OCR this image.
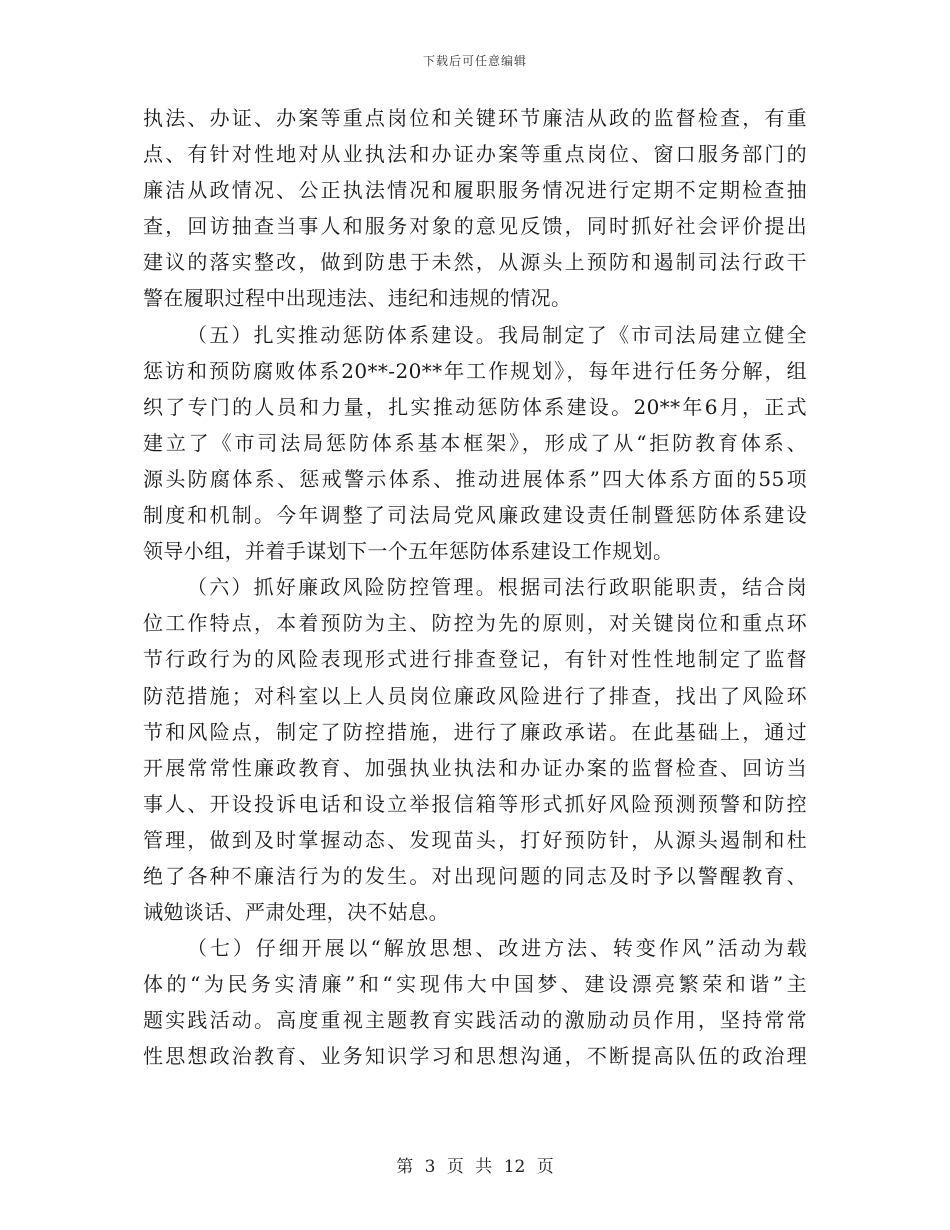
下载后可任意编辑
执法、办证、办案等重点岗位和关键环节廉洁从政的监督检查，有重
点、有针对性地对从业执法和办证办案等重点岗位、窗口服务部门的
廉洁从政情况、公正执法情况和履职服务情况进行定期不定期检查抽
查，回访抽查当事人和服务对象的意见反馈，同时抓好社会评价提出
建议的落实整改，做到防患于未然，从源头上预防和遏制司法行政干
警在履职过程中出现违法、违纪和违规的情况。
（五）扎实推动惩防体系建设。我局制定了《市司法局建立健全
惩访和预防腐败体系20**-20**年工作规划》，每年进行任务分解，组
织了专门的人员和力量，扎实推动惩防体系建设。20**年6月，正式
建立了《市司法局惩防体系基本框架》，形成了从“拒防教育体系、
源头防腐体系、惩戒警示体系、推动进展体系”四大体系方面的55项
制度和机制。今年调整了司法局党风廉政建设责任制暨惩防体系建设
领导小组，并着手谋划下一个五年惩防体系建设工作规划。
（六）抓好廉政风险防控管理。根据司法行政职能职责，结合岗
位工作特点，本着预防为主、防控为先的原则，对关键岗位和重点环
节行政行为的风险表现形式进行排查登记，有针对性性地制定了监督
防范措施；对科室以上人员岗位廉政风险进行了排查，找出了风险环
节和风险点，制定了防控措施，进行了廉政承诺。在此基础上，通过
开展常常性廉政教育、加强执业执法和办证办案的监督检查、回访当
事人、开设投诉电话和设立举报信箱等形式抓好风险预测预警和防控
管理，做到及时掌握动态、发现苗头，打好预防针，从源头遏制和杜
绝了各种不廉洁行为的发生。对出现问题的同志及时予以警醒教育、
诫勉谈话、严肃处理，决不姑息。
（七）仔细开展以“解放思想、改进方法、转变作风”活动为载
体的“为民务实清廉”和“实现伟大中国梦、建设漂亮繁荣和谐”主
题实践活动。高度重视主题教育实践活动的激励动员作用，坚持常常
性思想政治教育、业务知识学习和思想沟通，不断提高队伍的政治理
第 3 页 共 12 页
